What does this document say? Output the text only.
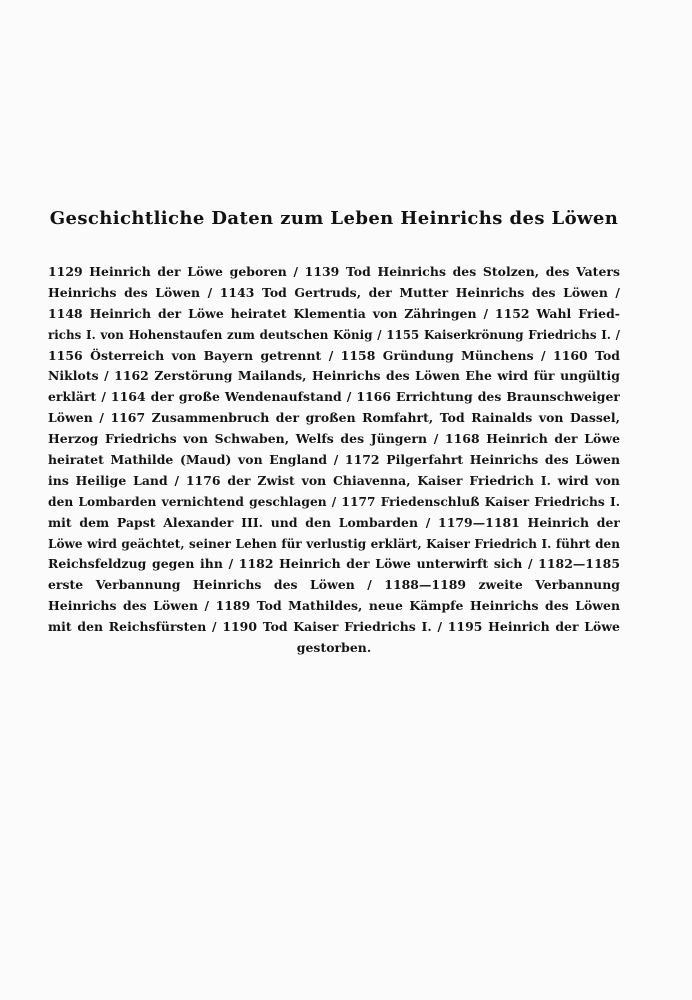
Geschichtliche Daten zum Leben Heinrichs des Löwen
1129 Heinrich der Löwe geboren / 1139 Tod Heinrichs des Stolzen, des Vaters
Heinrichs des Löwen / 1143 Tod Gertruds, der Mutter Heinrichs des Löwen /
1148 Heinrich der Löwe heiratet Klementia von Zähringen / 1152 Wahl Fried-
richs I. von Hohenstaufen zum deutschen König / 1155 Kaiserkrönung Friedrichs I. /
1156 Österreich von Bayern getrennt / 1158 Gründung Münchens / 1160 Tod
Niklots / 1162 Zerstörung Mailands, Heinrichs des Löwen Ehe wird für ungültig
erklärt / 1164 der große Wendenaufstand / 1166 Errichtung des Braunschweiger
Löwen / 1167 Zusammenbruch der großen Romfahrt, Tod Rainalds von Dassel,
Herzog Friedrichs von Schwaben, Welfs des Jüngern / 1168 Heinrich der Löwe
heiratet Mathilde (Maud) von England / 1172 Pilgerfahrt Heinrichs des Löwen
ins Heilige Land / 1176 der Zwist von Chiavenna, Kaiser Friedrich I. wird von
den Lombarden vernichtend geschlagen / 1177 Friedenschluß Kaiser Friedrichs I.
mit dem Papst Alexander III. und den Lombarden / 1179—1181 Heinrich der
Löwe wird geächtet, seiner Lehen für verlustig erklärt, Kaiser Friedrich I. führt den
Reichsfeldzug gegen ihn / 1182 Heinrich der Löwe unterwirft sich / 1182—1185
erste Verbannung Heinrichs des Löwen / 1188—1189 zweite Verbannung
Heinrichs des Löwen / 1189 Tod Mathildes, neue Kämpfe Heinrichs des Löwen
mit den Reichsfürsten / 1190 Tod Kaiser Friedrichs I. / 1195 Heinrich der Löwe
gestorben.
